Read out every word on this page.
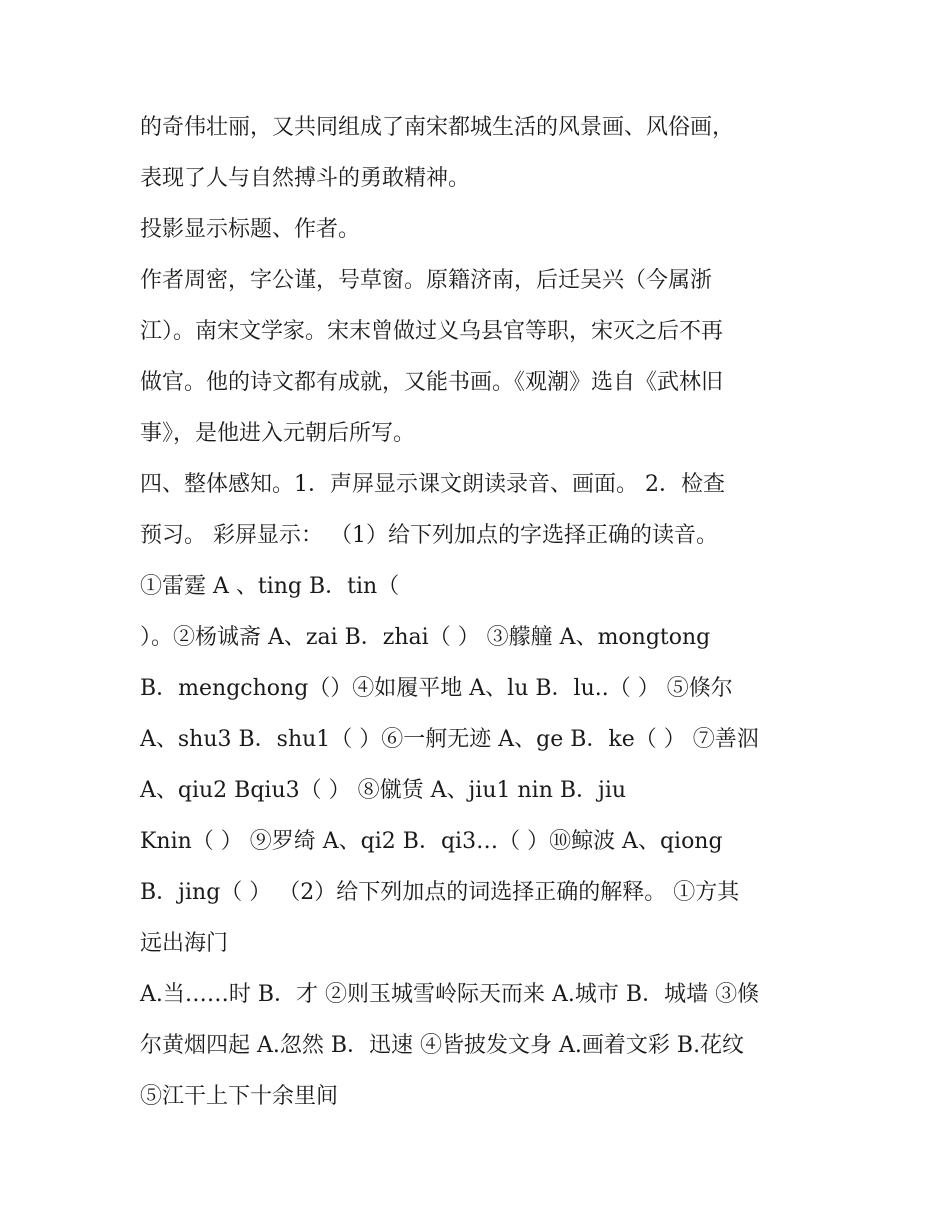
的奇伟壮丽，又共同组成了南宋都城生活的风景画、风俗画，
表现了人与自然搏斗的勇敢精神。
投影显示标题、作者。
作者周密，字公谨，号草窗。原籍济南，后迁吴兴（今属浙
江）。南宋文学家。宋末曾做过义乌县官等职，宋灭之后不再
做官。他的诗文都有成就，又能书画。《观潮》选自《武林旧
事》，是他进入元朝后所写。
四、整体感知。1．声屏显示课文朗读录音、画面。 2．检查
预习。 彩屏显示： （1）给下列加点的字选择正确的读音。
①雷霆 A 、ting B．tin（
）。②杨诚斋 A、zai B．zhai（ ） ③艨艟 A、mongtong
B．mengchong（）④如履平地 A、lu B．lu..（ ） ⑤倏尔
A、shu3 B．shu1（ ）⑥一舸无迹 A、ge B．ke（ ） ⑦善泅
A、qiu2 Bqiu3（ ） ⑧僦赁 A、jiu1 nin B．jiu
Knin（ ） ⑨罗绮 A、qi2 B．qi3…（ ）⑩鲸波 A、qiong
B．jing（ ） （2）给下列加点的词选择正确的解释。 ①方其
远出海门
A.当……时 B．才 ②则玉城雪岭际天而来 A.城市 B．城墙 ③倏
尔黄烟四起 A.忽然 B．迅速 ④皆披发文身 A.画着文彩 B.花纹
⑤江干上下十余里间
